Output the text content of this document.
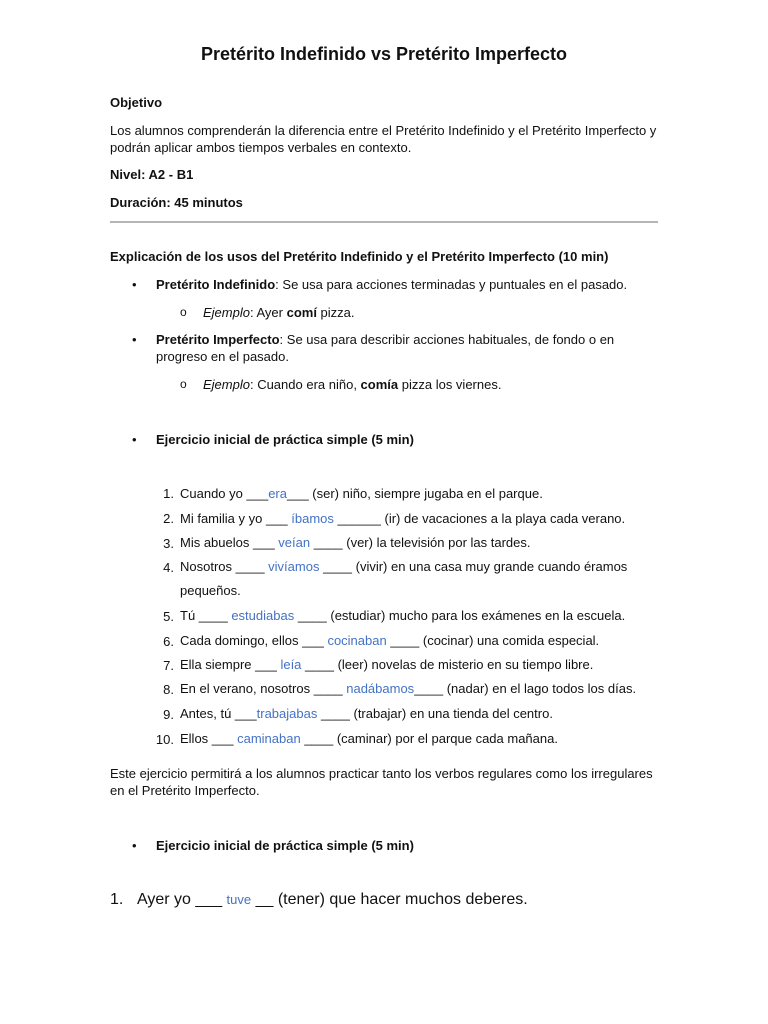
Pretérito Indefinido vs Pretérito Imperfecto

Objetivo

Los alumnos comprenderán la diferencia entre el Pretérito Indefinido y el Pretérito Imperfecto y podrán aplicar ambos tiempos verbales en contexto.

Nivel: A2 - B1

Duración: 45 minutos

Explicación de los usos del Pretérito Indefinido y el Pretérito Imperfecto (10 min)

• Pretérito Indefinido: Se usa para acciones terminadas y puntuales en el pasado.
o Ejemplo: Ayer comí pizza.
• Pretérito Imperfecto: Se usa para describir acciones habituales, de fondo o en progreso en el pasado.
o Ejemplo: Cuando era niño, comía pizza los viernes.
• Ejercicio inicial de práctica simple (5 min)
1. Cuando yo ___era___ (ser) niño, siempre jugaba en el parque.
2. Mi familia y yo ___ íbamos ______ (ir) de vacaciones a la playa cada verano.
3. Mis abuelos ___ veían ____ (ver) la televisión por las tardes.
4. Nosotros ____ vivíamos ____ (vivir) en una casa muy grande cuando éramos pequeños.
5. Tú ____ estudiabas ____ (estudiar) mucho para los exámenes en la escuela.
6. Cada domingo, ellos ___ cocinaban ____ (cocinar) una comida especial.
7. Ella siempre ___ leía ____ (leer) novelas de misterio en su tiempo libre.
8. En el verano, nosotros ____ nadábamos____ (nadar) en el lago todos los días.
9. Antes, tú ___trabajabas ____ (trabajar) en una tienda del centro.
10. Ellos ___ caminaban ____ (caminar) por el parque cada mañana.

Este ejercicio permitirá a los alumnos practicar tanto los verbos regulares como los irregulares en el Pretérito Imperfecto.

• Ejercicio inicial de práctica simple (5 min)
1. Ayer yo ___ tuve __ (tener) que hacer muchos deberes.
